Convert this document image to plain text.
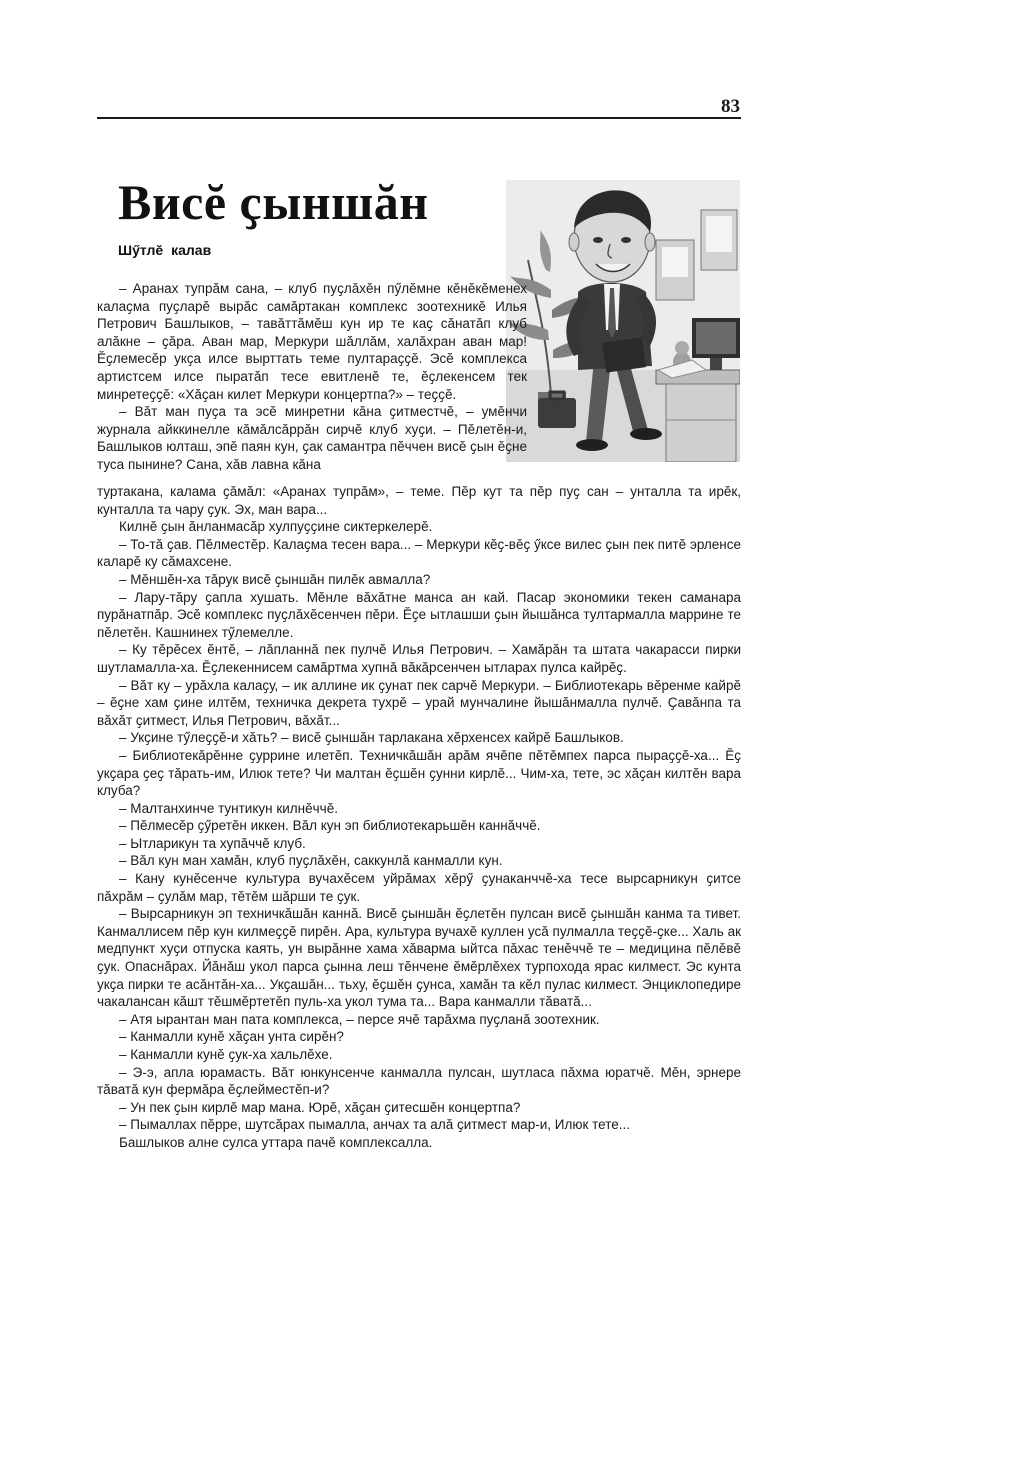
83
Висĕ ҫыншăн
Шӳтлĕ калав

– Аранах тупрăм сана, – клуб пуҫлăхĕн пӳлĕмне кĕнĕкĕменех калаҫма пуҫларĕ вырăс самăртакан комплекс зоотехникĕ Илья Петрович Башлыков, – тавăттăмĕш кун ир те каҫ сăнатăп клуб алăкне – ҫăра. Аван мар, Меркури шăллăм, халăхран аван мар! Ĕҫлемесĕр укҫа илсе вырттать теме пултараҫҫĕ. Эсĕ комплекса артистсем илсе пыратăп тесе евитленĕ те, ĕҫлекенсем тек минретеҫҫĕ: «Хăҫан килет Меркури концертпа?» – теҫҫĕ.

– Вăт ман пуҫа та эсĕ минретни кăна ҫитместчĕ, – умĕнчи журнала айккинелле кăмăлсăррăн сирчĕ клуб хуҫи. – Пĕлетĕн-и, Башлыков юлташ, эпĕ паян кун, ҫак самантра пĕччен висĕ ҫын ĕҫне туса пынине? Сана, хăв лавна кăна

туртакана, калама ҫăмăл: «Аранах тупрăм», – теме. Пĕр кут та пĕр пуҫ сан – унталла та ирĕк, кунталла та чару ҫук. Эх, ман вара...

Килнĕ ҫын ăнланмасăр хулпуҫҫине сиктеркелерĕ.

– То-тă ҫав. Пĕлместĕр. Калаҫма тесен вара... – Меркури кĕҫ-вĕҫ ӳксе вилес ҫын пек питĕ эрленсе каларĕ ку сăмахсене.

– Мĕншĕн-ха тăрук висĕ ҫыншăн пилĕк авмалла?

– Лару-тăру ҫапла хушать. Мĕнле вăхăтне манса ан кай. Пасар экономики текен саманара пурăнатпăр. Эсĕ комплекс пуҫлăхĕсенчен пĕри. Ĕҫе ытлашши ҫын йышăнса тултармалла маррине те пĕлетĕн. Кашнинех тӳлемелле.

– Ку тĕрĕсех ĕнтĕ, – лăпланнă пек пулчĕ Илья Петрович. – Хамăрăн та штата чакарасси пирки шутламалла-ха. Ĕҫлекеннисем самăртма хупнă вăкăрсенчен ытларах пулса кайрĕҫ.

– Вăт ку – урăхла калаҫу, – ик аллине ик ҫунат пек сарчĕ Меркури. – Библиотекарь вĕренме кайрĕ – ĕҫне хам ҫине илтĕм, техничка декрета тухрĕ – урай мунчалине йышăнмалла пулчĕ. Ҫавăнпа та вăхăт ҫитмест, Илья Петрович, вăхăт...

– Укҫине тӳлеҫҫĕ-и хăть? – висĕ ҫыншăн тарлакана хĕрхенсех кайрĕ Башлыков.

– Библиотекăрĕнне ҫуррине илетĕп. Техничкăшăн арăм ячĕпе пĕтĕмпех парса пыраҫҫĕ-ха... Ĕҫ укҫара ҫеҫ тăрать-им, Илюк тете? Чи малтан ĕҫшĕн ҫунни кирлĕ... Чим-ха, тете, эс хăҫан килтĕн вара клуба?

– Малтанхинче тунтикун килнĕччĕ.

– Пĕлмесĕр ҫӳретĕн иккен. Вăл кун эп библиотекарьшĕн каннăччĕ.

– Ытларикун та хупăччĕ клуб.

– Вăл кун ман хамăн, клуб пуҫлăхĕн, саккунлă канмалли кун.

– Кану кунĕсенче культура вучахĕсем уйрăмах хĕрӳ ҫунаканччĕ-ха тесе вырсарникун ҫитсе пăхрăм – ҫулăм мар, тĕтĕм шăрши те ҫук.

– Вырсарникун эп техничкăшăн каннă. Висĕ ҫыншăн ĕҫлетĕн пулсан висĕ ҫыншăн канма та тивет. Канмаллисем пĕр кун килмеҫҫĕ пирĕн. Ара, культура вучахĕ куллен усă пулмалла теҫҫĕ-ҫке... Халь ак медпункт хуҫи отпуска каять, ун вырăнне хама хăварма ыйтса пăхас тенĕччĕ те – медицина пĕлĕвĕ ҫук. Опаснăрах. Йăнăш укол парса ҫынна леш тĕнчене ĕмĕрлĕхех турпохода ярас килмест. Эс кунта укҫа пирки те асăнтăн-ха... Укҫашăн... тьху, ĕҫшĕн ҫунса, хамăн та кĕл пулас килмест. Энциклопедире чакалансан кăшт тĕшмĕртетĕп пуль-ха укол тума та... Вара канмалли тăватă...

– Атя ырантан ман пата комплекса, – персе ячĕ тарăхма пуҫланă зоотехник.

– Канмалли кунĕ хăҫан унта сирĕн?

– Канмалли кунĕ ҫук-ха хальлĕхе.

– Э-э, апла юрамасть. Вăт юнкунсенче канмалла пулсан, шутласа пăхма юратчĕ. Мĕн, эрнере тăватă кун фермăра ĕҫлейместĕп-и?

– Ун пек ҫын кирлĕ мар мана. Юрĕ, хăҫан ҫитесшĕн концертпа?

– Пымаллах пĕрре, шутсăрах пымалла, анчах та алă ҫитмест мар-и, Илюк тете...

Башлыков алне сулса уттара пачĕ комплексалла.
